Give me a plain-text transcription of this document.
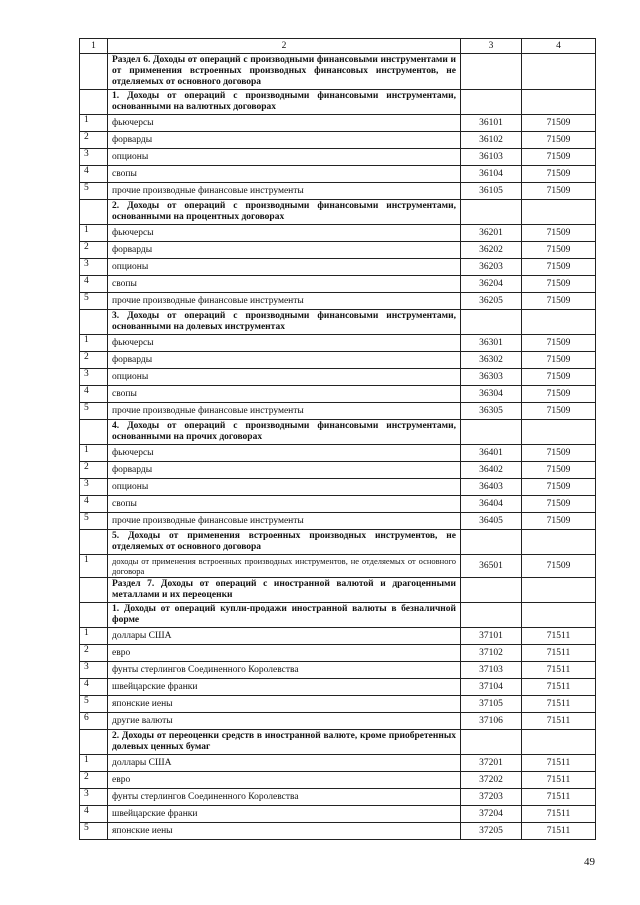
1	2	3	4
	Раздел 6. Доходы от операций с производными финансовыми инструментами и от применения встроенных производных финансовых инструментов, не отделяемых от основного договора		
	1. Доходы от операций с производными финансовыми инструментами, основанными на валютных договорах		
1	фьючерсы	36101	71509
2	форварды	36102	71509
3	опционы	36103	71509
4	свопы	36104	71509
5	прочие производные финансовые инструменты	36105	71509
	2. Доходы от операций с производными финансовыми инструментами, основанными на процентных договорах		
1	фьючерсы	36201	71509
2	форварды	36202	71509
3	опционы	36203	71509
4	свопы	36204	71509
5	прочие производные финансовые инструменты	36205	71509
	3. Доходы от операций с производными финансовыми инструментами, основанными на долевых инструментах		
1	фьючерсы	36301	71509
2	форварды	36302	71509
3	опционы	36303	71509
4	свопы	36304	71509
5	прочие производные финансовые инструменты	36305	71509
	4. Доходы от операций с производными финансовыми инструментами, основанными на прочих договорах		
1	фьючерсы	36401	71509
2	форварды	36402	71509
3	опционы	36403	71509
4	свопы	36404	71509
5	прочие производные финансовые инструменты	36405	71509
	5. Доходы от применения встроенных производных инструментов, не отделяемых от основного договора		
1	доходы от применения встроенных производных инструментов, не отделяемых от основного договора	36501	71509
	Раздел 7. Доходы от операций с иностранной валютой и драгоценными металлами и их переоценки		
	1. Доходы от операций купли-продажи иностранной валюты в безналичной форме		
1	доллары США	37101	71511
2	евро	37102	71511
3	фунты стерлингов Соединенного Королевства	37103	71511
4	швейцарские франки	37104	71511
5	японские иены	37105	71511
6	другие валюты	37106	71511
	2. Доходы от переоценки средств в иностранной валюте, кроме приобретенных долевых ценных бумаг		
1	доллары США	37201	71511
2	евро	37202	71511
3	фунты стерлингов Соединенного Королевства	37203	71511
4	швейцарские франки	37204	71511
5	японские иены	37205	71511
49
